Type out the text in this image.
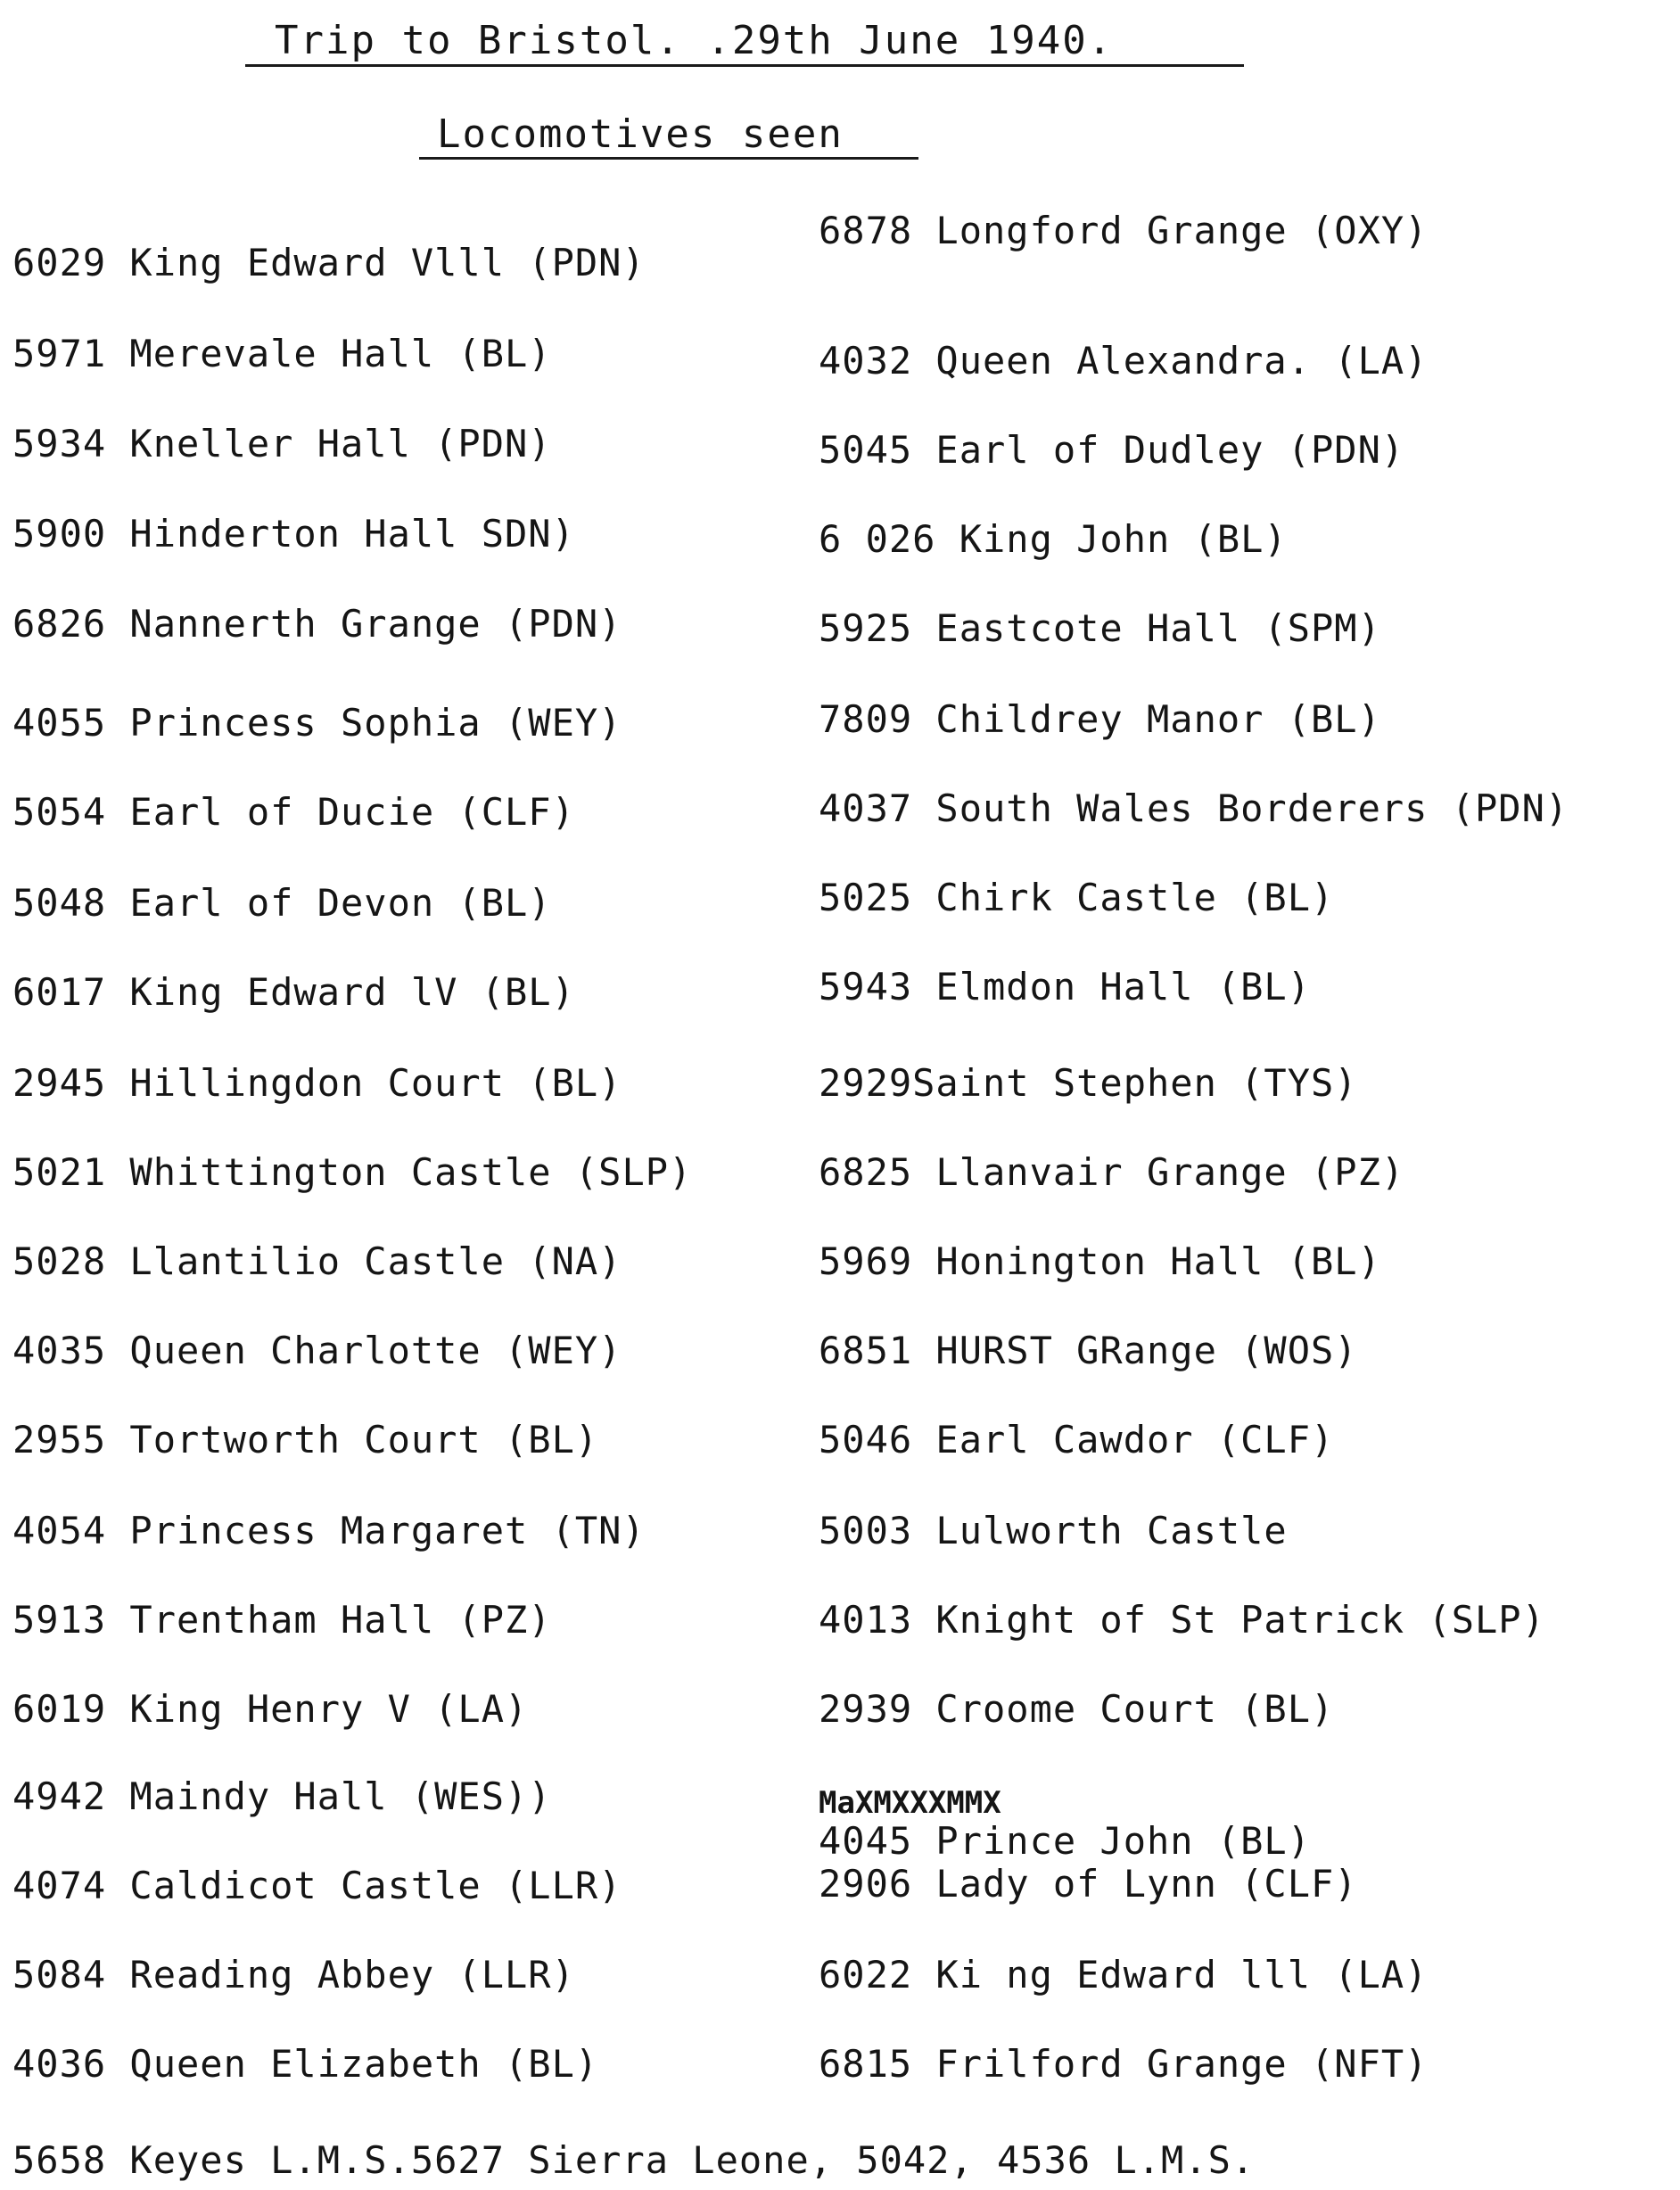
Trip to Bristol. .29th June 1940.
Locomotives seen
6029 King Edward Vlll (PDN)
5971 Merevale Hall (BL)
5934 Kneller Hall (PDN)
5900 Hinderton Hall SDN)
6826 Nannerth Grange (PDN)
4055 Princess Sophia (WEY)
5054 Earl of Ducie (CLF)
5048 Earl of Devon (BL)
6017 King Edward lV (BL)
2945 Hillingdon Court (BL)
5021 Whittington Castle (SLP)
5028 Llantilio Castle (NA)
4035 Queen Charlotte (WEY)
2955 Tortworth Court (BL)
4054 Princess Margaret (TN)
5913 Trentham Hall (PZ)
6019 King Henry V (LA)
4942 Maindy Hall (WES))
4074 Caldicot Castle (LLR)
5084 Reading Abbey (LLR)
4036 Queen Elizabeth (BL)
6878 Longford Grange (OXY)
4032 Queen Alexandra. (LA)
5045 Earl of Dudley (PDN)
6 026 King John (BL)
5925 Eastcote Hall (SPM)
7809 Childrey Manor (BL)
4037 South Wales Borderers (PDN)
5025 Chirk Castle (BL)
5943 Elmdon Hall (BL)
2929Saint Stephen (TYS)
6825 Llanvair Grange (PZ)
5969 Honington Hall (BL)
6851 HURST GRange (WOS)
5046 Earl Cawdor (CLF)
5003 Lulworth Castle
4013 Knight of St Patrick (SLP)
2939 Croome Court (BL)
MaXMXXXMMX
4045 Prince John (BL)
2906 Lady of Lynn (CLF)
6022 Ki ng Edward lll (LA)
6815 Frilford Grange (NFT)
5658 Keyes L.M.S.5627 Sierra Leone, 5042, 4536 L.M.S.
